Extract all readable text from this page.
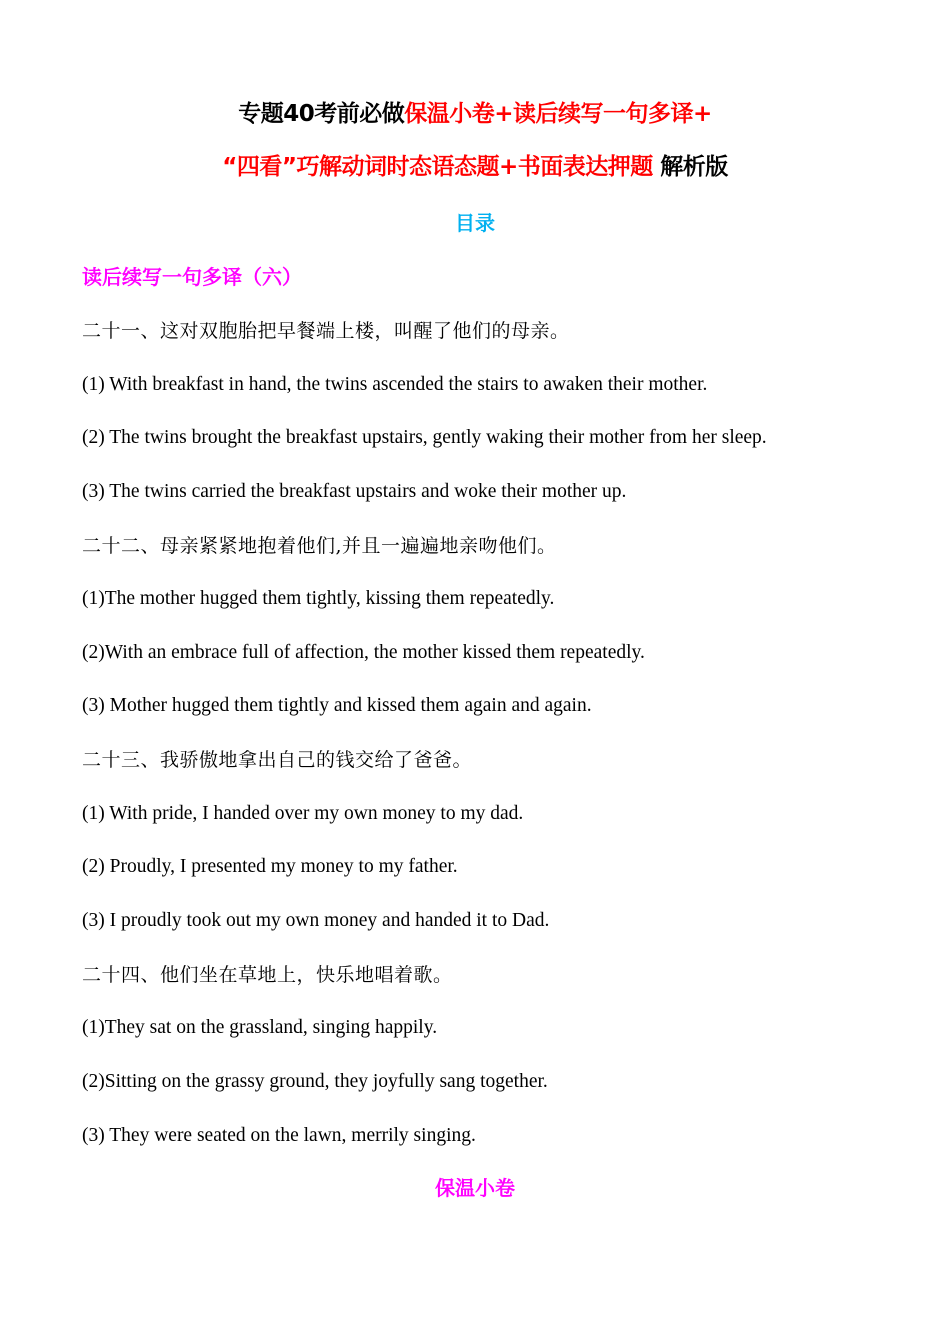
专题40考前必做保温小卷+读后续写一句多译+
“四看”巧解动词时态语态题+书面表达押题 解析版
目录
读后续写一句多译（六）
二十一、这对双胞胎把早餐端上楼，叫醒了他们的母亲。
(1) With breakfast in hand, the twins ascended the stairs to awaken their mother.
(2) The twins brought the breakfast upstairs, gently waking their mother from her sleep.
(3) The twins carried the breakfast upstairs and woke their mother up.
二十二、母亲紧紧地抱着他们,并且一遍遍地亲吻他们。
(1)The mother hugged them tightly, kissing them repeatedly.
(2)With an embrace full of affection, the mother kissed them repeatedly.
(3) Mother hugged them tightly and kissed them again and again.
二十三、我骄傲地拿出自己的钱交给了爸爸。
(1) With pride, I handed over my own money to my dad.
(2) Proudly, I presented my money to my father.
(3) I proudly took out my own money and handed it to Dad.
二十四、他们坐在草地上，快乐地唱着歌。
(1)They sat on the grassland, singing happily.
(2)Sitting on the grassy ground, they joyfully sang together.
(3) They were seated on the lawn, merrily singing.
保温小卷
